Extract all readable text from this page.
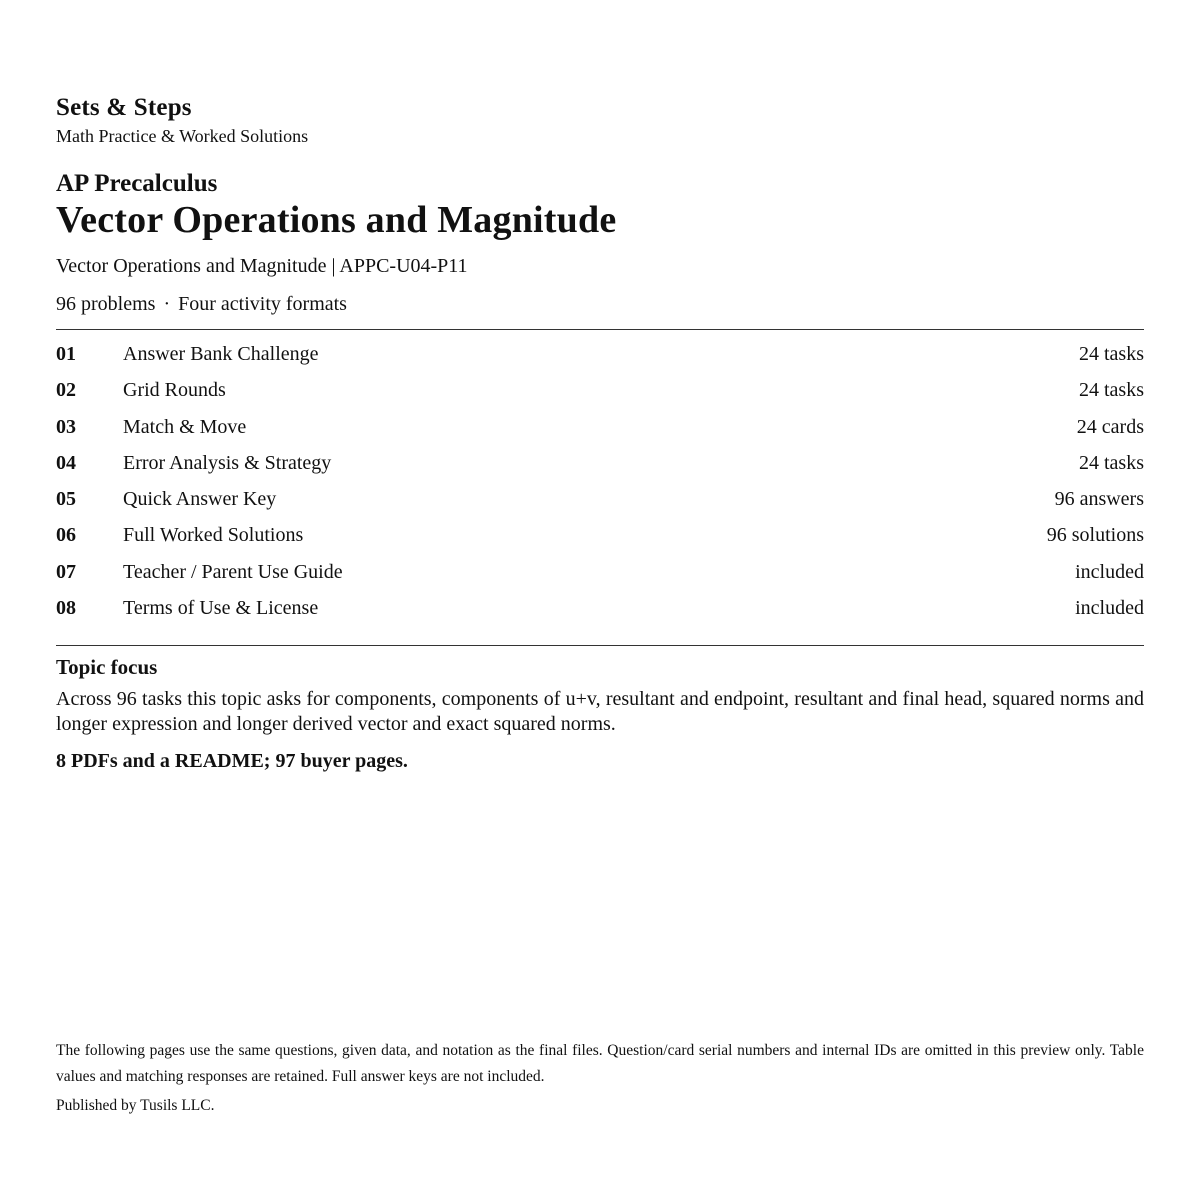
Sets & Steps
Math Practice & Worked Solutions
AP Precalculus
Vector Operations and Magnitude
Vector Operations and Magnitude | APPC-U04-P11
96 problems · Four activity formats
01 Answer Bank Challenge	24 tasks
02 Grid Rounds	24 tasks
03 Match & Move	24 cards
04 Error Analysis & Strategy	24 tasks
05 Quick Answer Key	96 answers
06 Full Worked Solutions	96 solutions
07 Teacher / Parent Use Guide	included
08 Terms of Use & License	included
Topic focus
Across 96 tasks this topic asks for components, components of u+v, resultant and endpoint, resultant and final head, squared norms and longer expression and longer derived vector and exact squared norms.
8 PDFs and a README; 97 buyer pages.
The following pages use the same questions, given data, and notation as the final files. Question/card serial numbers and internal IDs are omitted in this preview only. Table values and matching responses are retained. Full answer keys are not included.
Published by Tusils LLC.
